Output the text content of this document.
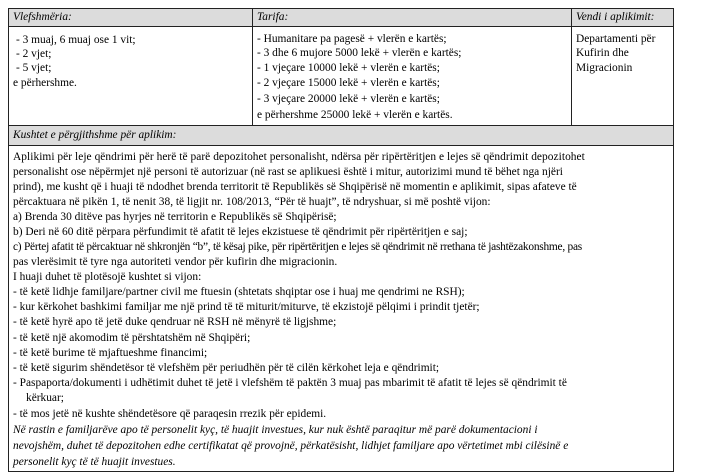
Vlefshmëria:	Tarifa:	Vendi i aplikimit:
- 3 muaj, 6 muaj ose 1 vit;
- 2 vjet;
- 5 vjet;
e përhershme.
- Humanitare pa pagesë + vlerën e kartës;
- 3 dhe 6 mujore 5000 lekë + vlerën e kartës;
- 1 vjeçare 10000 lekë + vlerën e kartës;
- 2 vjeçare 15000 lekë + vlerën e kartës;
- 3 vjeçare 20000 lekë + vlerën e kartës;
e përhershme 25000 lekë + vlerën e kartës.
Departamenti për
Kufirin dhe
Migracionin
Kushtet e përgjithshme për aplikim:
Aplikimi për leje qëndrimi për herë të parë depozitohet personalisht, ndërsa për ripërtëritjen e lejes së qëndrimit depozitohet
personalisht ose nëpërmjet një personi të autorizuar (në rast se aplikuesi është i mitur, autorizimi mund të bëhet nga njëri
prind), me kusht që i huaji të ndodhet brenda territorit të Republikës së Shqipërisë në momentin e aplikimit, sipas afateve të
përcaktuara në pikën 1, të nenit 38, të ligjit nr. 108/2013, “Për të huajt”, të ndryshuar, si më poshtë vijon:
a) Brenda 30 ditëve pas hyrjes në territorin e Republikës së Shqipërisë;
b) Deri në 60 ditë përpara përfundimit të afatit të lejes ekzistuese të qëndrimit për ripërtëritjen e saj;
c) Përtej afatit të përcaktuar në shkronjën “b”, të kësaj pike, për ripërtëritjen e lejes së qëndrimit në rrethana të jashtëzakonshme, pas
pas vlerësimit të tyre nga autoriteti vendor për kufirin dhe migracionin.
I huaji duhet të plotësojë kushtet si vijon:
- të ketë lidhje familjare/partner civil me ftuesin (shtetats shqiptar ose i huaj me qendrimi ne RSH);
- kur kërkohet bashkimi familjar me një prind të të miturit/miturve, të ekzistojë pëlqimi i prindit tjetër;
- të ketë hyrë apo të jetë duke qendruar në RSH në mënyrë të ligjshme;
- të ketë një akomodim të përshtatshëm në Shqipëri;
- të ketë burime të mjaftueshme financimi;
- të ketë sigurim shëndetësor të vlefshëm për periudhën për të cilën kërkohet leja e qëndrimit;
- Paspaporta/dokumenti i udhëtimit duhet të jetë i vlefshëm të paktën 3 muaj pas mbarimit të afatit të lejes së qëndrimit të
kërkuar;
- të mos jetë në kushte shëndetësore që paraqesin rrezik për epidemi.
Në rastin e familjarëve apo të personelit kyç, të huajit investues, kur nuk është paraqitur më parë dokumentacioni i
nevojshëm, duhet të depozitohen edhe certifikatat që provojnë, përkatësisht, lidhjet familjare apo vërtetimet mbi cilësinë e
personelit kyç të të huajit investues.
